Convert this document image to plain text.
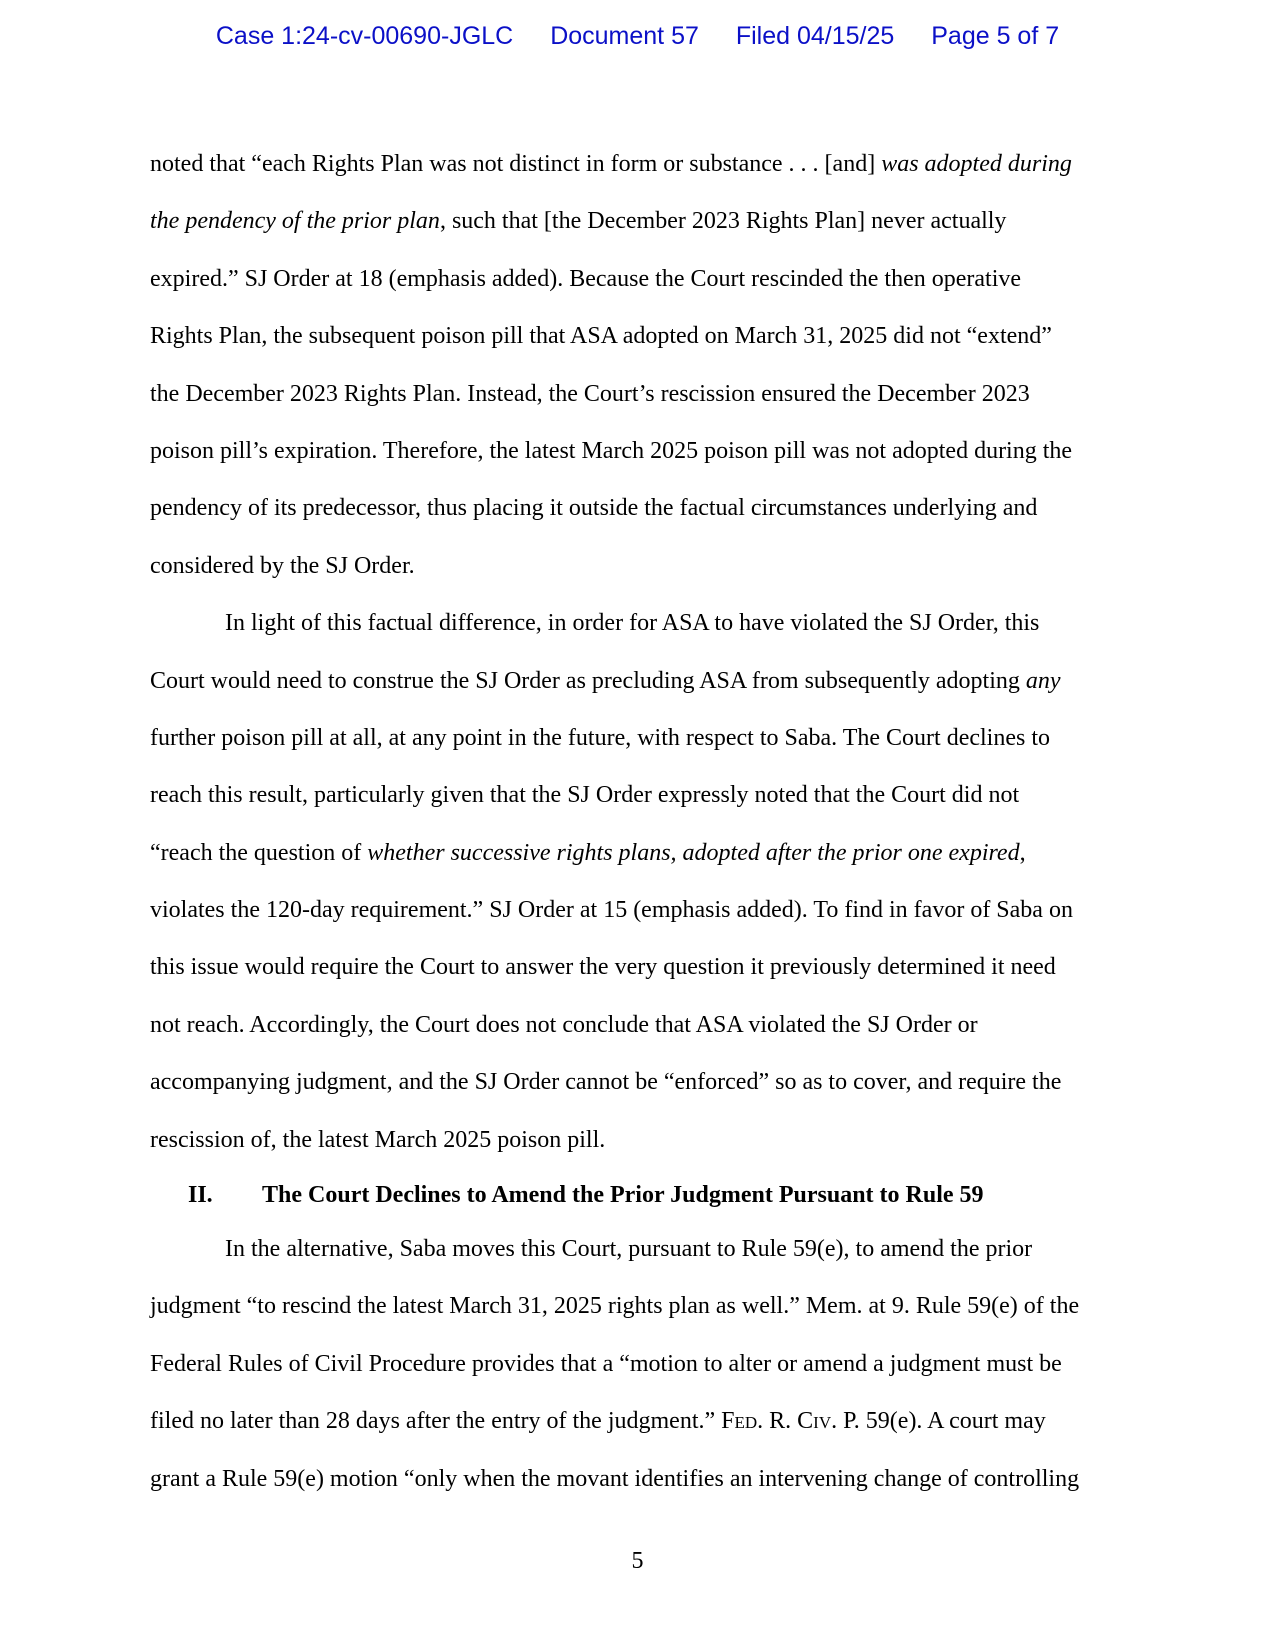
Case 1:24-cv-00690-JGLC Document 57 Filed 04/15/25 Page 5 of 7
noted that “each Rights Plan was not distinct in form or substance . . . [and] was adopted during
the pendency of the prior plan, such that [the December 2023 Rights Plan] never actually
expired.” SJ Order at 18 (emphasis added). Because the Court rescinded the then operative
Rights Plan, the subsequent poison pill that ASA adopted on March 31, 2025 did not “extend”
the December 2023 Rights Plan. Instead, the Court’s rescission ensured the December 2023
poison pill’s expiration. Therefore, the latest March 2025 poison pill was not adopted during the
pendency of its predecessor, thus placing it outside the factual circumstances underlying and
considered by the SJ Order.
In light of this factual difference, in order for ASA to have violated the SJ Order, this
Court would need to construe the SJ Order as precluding ASA from subsequently adopting any
further poison pill at all, at any point in the future, with respect to Saba. The Court declines to
reach this result, particularly given that the SJ Order expressly noted that the Court did not
“reach the question of whether successive rights plans, adopted after the prior one expired,
violates the 120-day requirement.” SJ Order at 15 (emphasis added). To find in favor of Saba on
this issue would require the Court to answer the very question it previously determined it need
not reach. Accordingly, the Court does not conclude that ASA violated the SJ Order or
accompanying judgment, and the SJ Order cannot be “enforced” so as to cover, and require the
rescission of, the latest March 2025 poison pill.
II. The Court Declines to Amend the Prior Judgment Pursuant to Rule 59
In the alternative, Saba moves this Court, pursuant to Rule 59(e), to amend the prior
judgment “to rescind the latest March 31, 2025 rights plan as well.” Mem. at 9. Rule 59(e) of the
Federal Rules of Civil Procedure provides that a “motion to alter or amend a judgment must be
filed no later than 28 days after the entry of the judgment.” Fed. R. Civ. P. 59(e). A court may
grant a Rule 59(e) motion “only when the movant identifies an intervening change of controlling
5
